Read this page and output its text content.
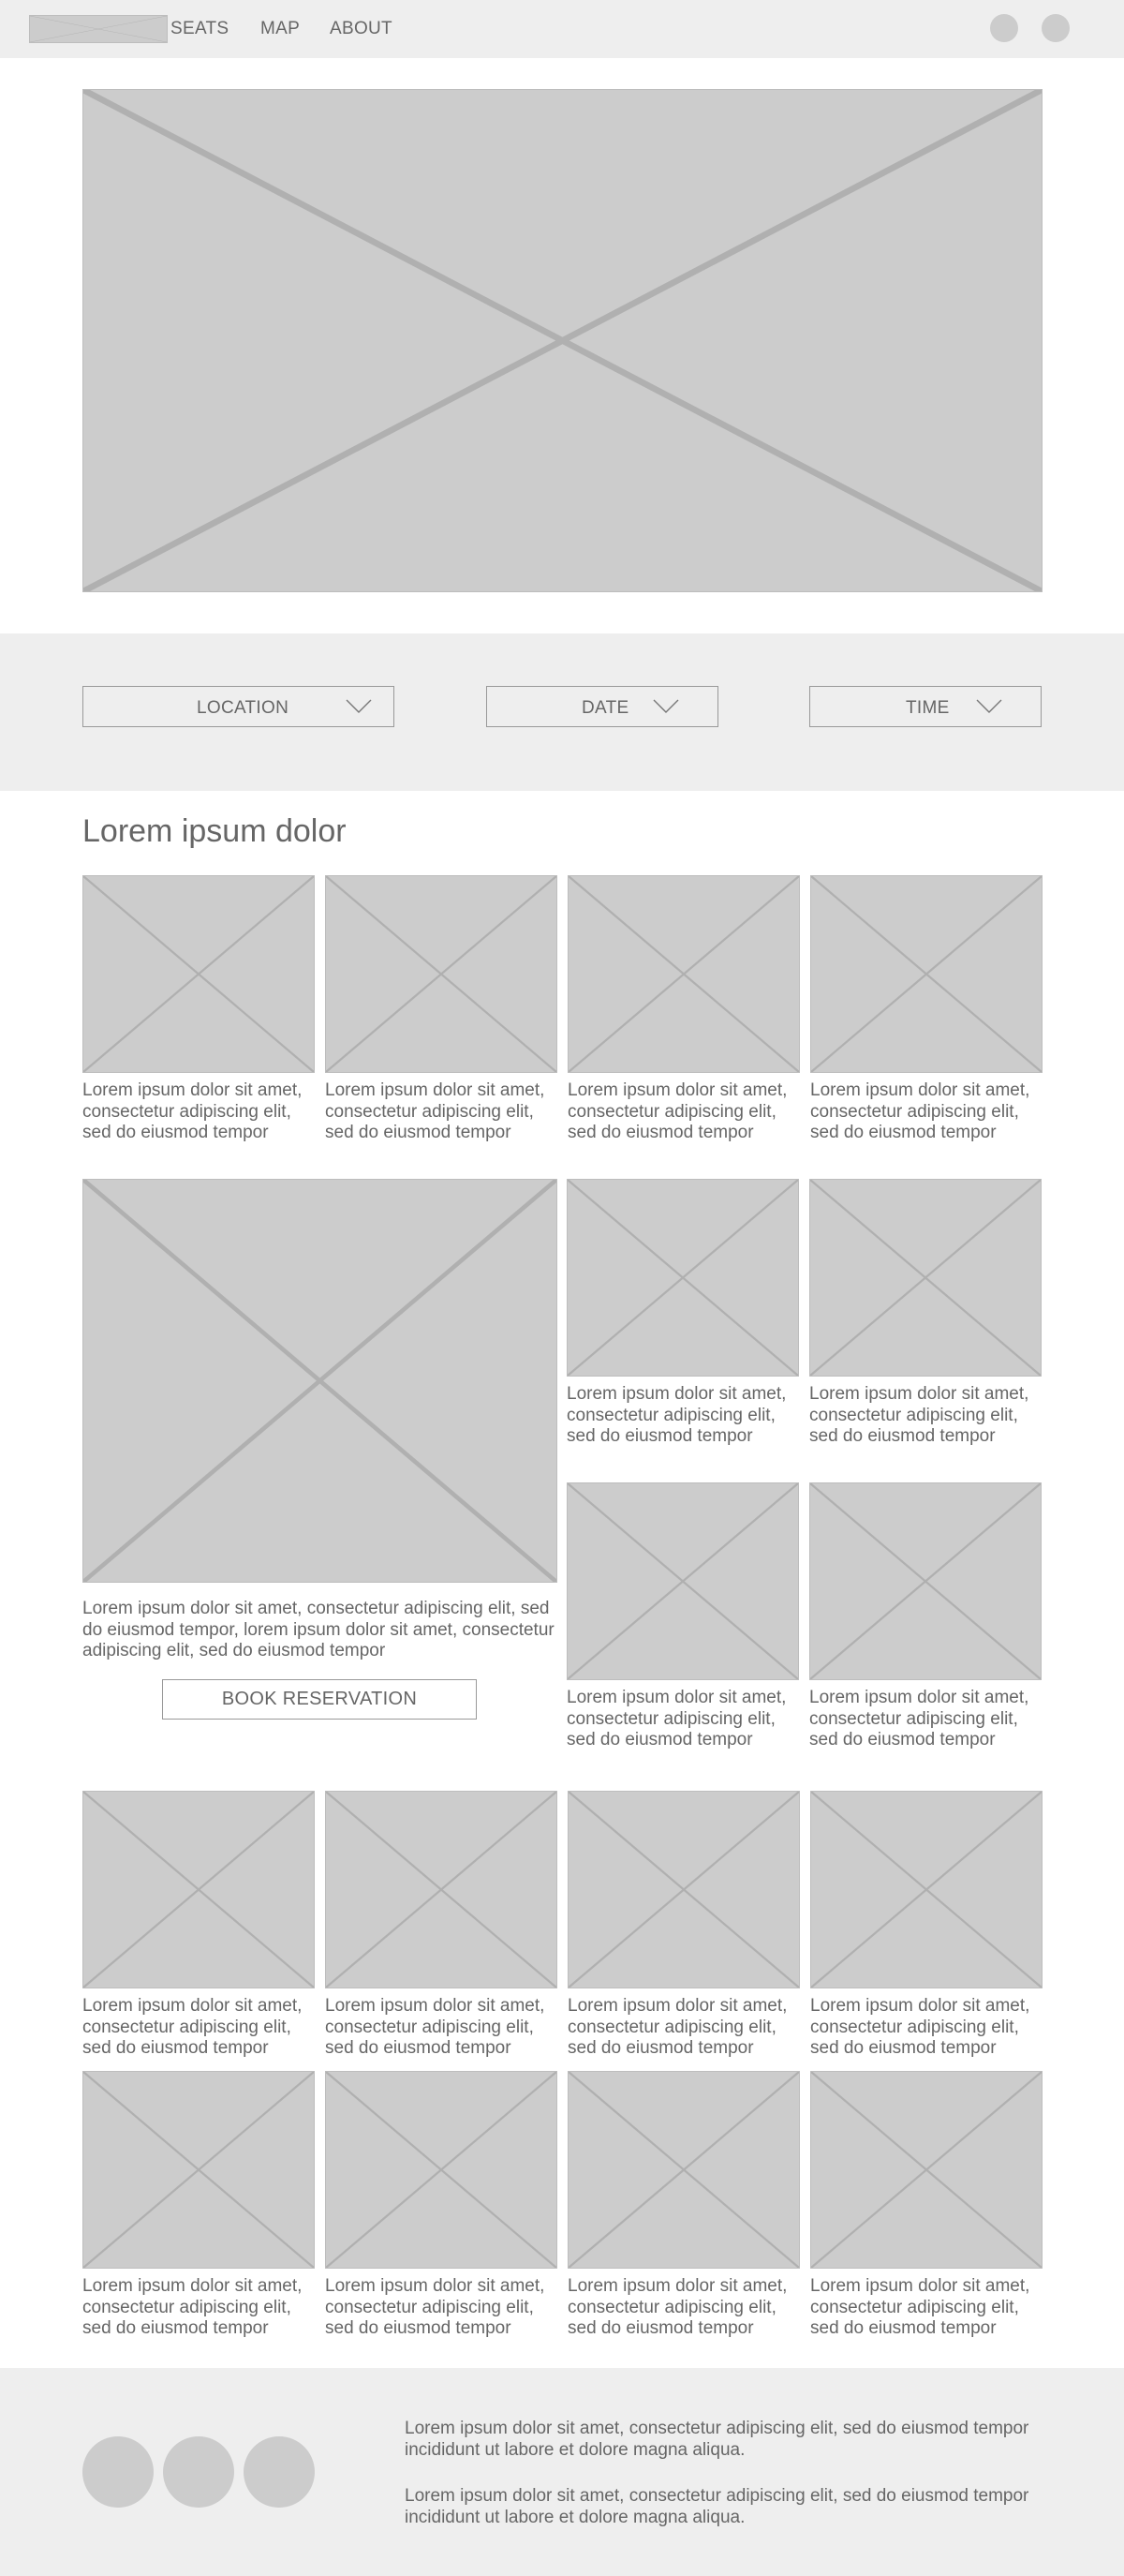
SEATS MAP ABOUT
LOCATION	DATE	TIME
Lorem ipsum dolor

Lorem ipsum dolor sit amet, consectetur adipiscing elit, sed do eiusmod tempor

Lorem ipsum dolor sit amet, consectetur adipiscing elit, sed do eiusmod tempor

Lorem ipsum dolor sit amet, consectetur adipiscing elit, sed do eiusmod tempor

Lorem ipsum dolor sit amet, consectetur adipiscing elit, sed do eiusmod tempor

Lorem ipsum dolor sit amet, consectetur adipiscing elit, sed do eiusmod tempor, lorem ipsum dolor sit amet, consectetur adipiscing elit, sed do eiusmod tempor

BOOK RESERVATION

Lorem ipsum dolor sit amet, consectetur adipiscing elit, sed do eiusmod tempor

Lorem ipsum dolor sit amet, consectetur adipiscing elit, sed do eiusmod tempor

Lorem ipsum dolor sit amet, consectetur adipiscing elit, sed do eiusmod tempor

Lorem ipsum dolor sit amet, consectetur adipiscing elit, sed do eiusmod tempor

Lorem ipsum dolor sit amet, consectetur adipiscing elit, sed do eiusmod tempor

Lorem ipsum dolor sit amet, consectetur adipiscing elit, sed do eiusmod tempor

Lorem ipsum dolor sit amet, consectetur adipiscing elit, sed do eiusmod tempor

Lorem ipsum dolor sit amet, consectetur adipiscing elit, sed do eiusmod tempor

Lorem ipsum dolor sit amet, consectetur adipiscing elit, sed do eiusmod tempor

Lorem ipsum dolor sit amet, consectetur adipiscing elit, sed do eiusmod tempor

Lorem ipsum dolor sit amet, consectetur adipiscing elit, sed do eiusmod tempor

Lorem ipsum dolor sit amet, consectetur adipiscing elit, sed do eiusmod tempor

Lorem ipsum dolor sit amet, consectetur adipiscing elit, sed do eiusmod tempor incididunt ut labore et dolore magna aliqua.

Lorem ipsum dolor sit amet, consectetur adipiscing elit, sed do eiusmod tempor incididunt ut labore et dolore magna aliqua.
